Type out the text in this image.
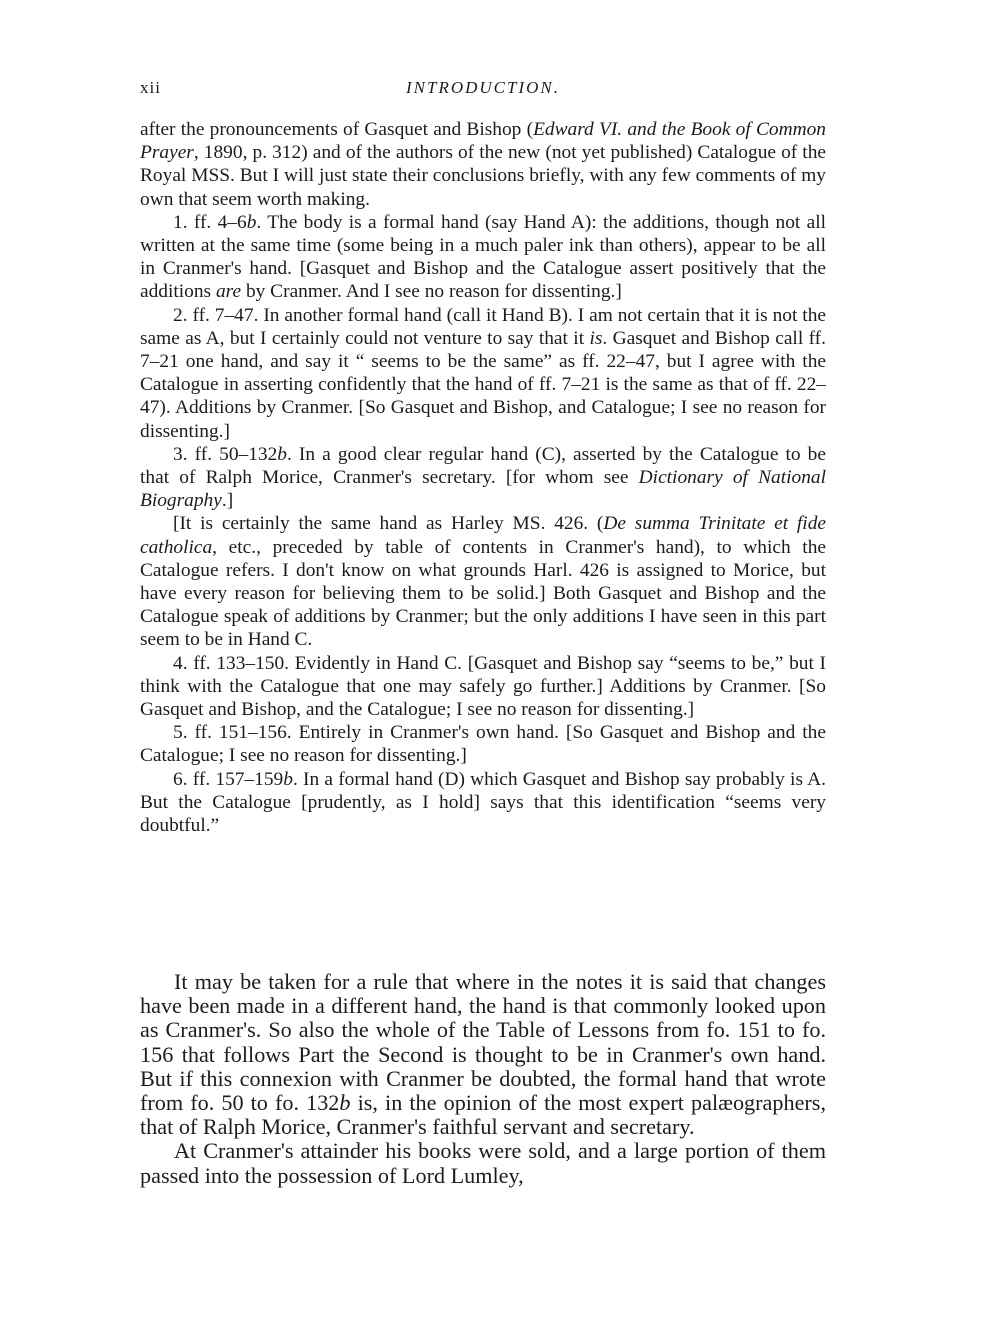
xii	INTRODUCTION.

after the pronouncements of Gasquet and Bishop (Edward VI. and the Book of Common Prayer, 1890, p. 312) and of the authors of the new (not yet published) Catalogue of the Royal MSS. But I will just state their conclusions briefly, with any few comments of my own that seem worth making.

1. ff. 4–6b. The body is a formal hand (say Hand A): the additions, though not all written at the same time (some being in a much paler ink than others), appear to be all in Cranmer's hand. [Gasquet and Bishop and the Catalogue assert positively that the additions are by Cranmer. And I see no reason for dissenting.]

2. ff. 7–47. In another formal hand (call it Hand B). I am not certain that it is not the same as A, but I certainly could not venture to say that it is. Gasquet and Bishop call ff. 7–21 one hand, and say it “ seems to be the same” as ff. 22–47, but I agree with the Catalogue in asserting confidently that the hand of ff. 7–21 is the same as that of ff. 22–47). Additions by Cranmer. [So Gasquet and Bishop, and Catalogue; I see no reason for dissenting.]

3. ff. 50–132b. In a good clear regular hand (C), asserted by the Catalogue to be that of Ralph Morice, Cranmer's secretary. [for whom see Dictionary of National Biography.]

[It is certainly the same hand as Harley MS. 426. (De summa Trinitate et fide catholica, etc., preceded by table of contents in Cranmer's hand), to which the Catalogue refers. I don't know on what grounds Harl. 426 is assigned to Morice, but have every reason for believing them to be solid.] Both Gasquet and Bishop and the Catalogue speak of additions by Cranmer; but the only additions I have seen in this part seem to be in Hand C.

4. ff. 133–150. Evidently in Hand C. [Gasquet and Bishop say “seems to be,” but I think with the Catalogue that one may safely go further.] Additions by Cranmer. [So Gasquet and Bishop, and the Catalogue; I see no reason for dissenting.]

5. ff. 151–156. Entirely in Cranmer's own hand. [So Gasquet and Bishop and the Catalogue; I see no reason for dissenting.]

6. ff. 157–159b. In a formal hand (D) which Gasquet and Bishop say probably is A. But the Catalogue [prudently, as I hold] says that this identification “seems very doubtful.”

It may be taken for a rule that where in the notes it is said that changes have been made in a different hand, the hand is that commonly looked upon as Cranmer's. So also the whole of the Table of Lessons from fo. 151 to fo. 156 that follows Part the Second is thought to be in Cranmer's own hand. But if this connexion with Cranmer be doubted, the formal hand that wrote from fo. 50 to fo. 132b is, in the opinion of the most expert palæographers, that of Ralph Morice, Cranmer's faithful servant and secretary.

At Cranmer's attainder his books were sold, and a large portion of them passed into the possession of Lord Lumley,
